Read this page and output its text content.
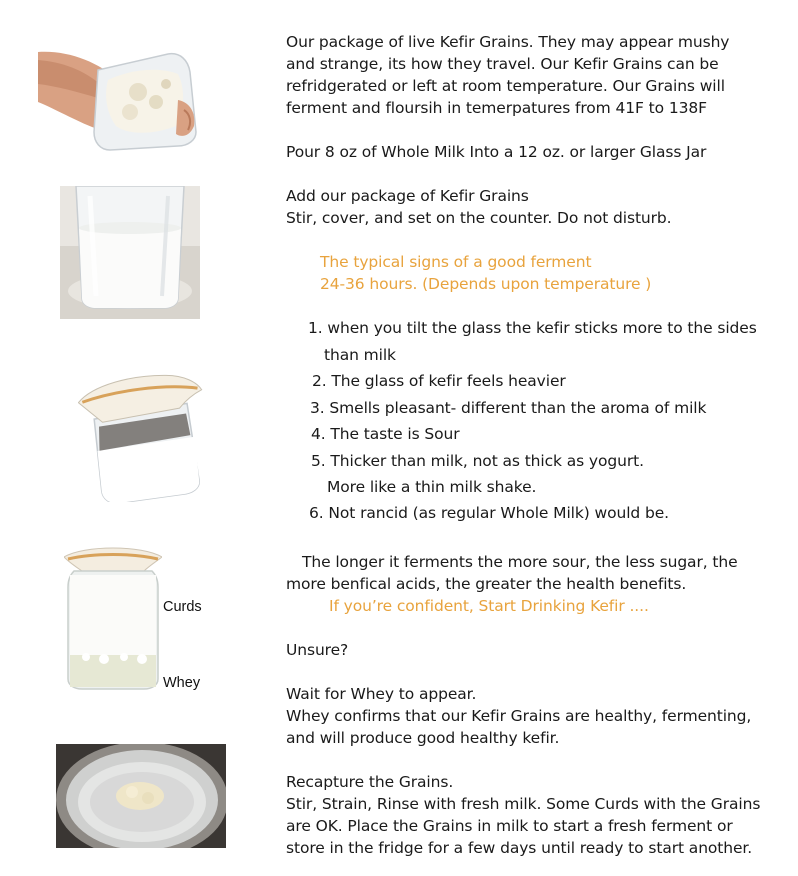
Curds
Whey
Our package of live Kefir Grains. They may appear mushy
and strange, its how they travel. Our Kefir Grains can be
refridgerated or left at room temperature. Our Grains will
ferment and floursih in temerpatures from 41F to 138F
Pour 8 oz of Whole Milk Into a 12 oz. or larger Glass Jar
Add our package of Kefir Grains
Stir, cover, and set on the counter. Do not disturb.
The typical signs of a good ferment
24-36 hours. (Depends upon temperature )
1. when you tilt the glass the kefir sticks more to the sides
than milk
2. The glass of kefir feels heavier
3. Smells pleasant- different than the aroma of milk
4. The taste is Sour
5. Thicker than milk, not as thick as yogurt.
More like a thin milk shake.
6. Not rancid (as regular Whole Milk) would be.
The longer it ferments the more sour, the less sugar, the
more benfical acids, the greater the health benefits.
If you’re confident, Start Drinking Kefir ....
Unsure?
Wait for Whey to appear.
Whey confirms that our Kefir Grains are healthy, fermenting,
and will produce good healthy kefir.
Recapture the Grains.
Stir, Strain, Rinse with fresh milk. Some Curds with the Grains
are OK. Place the Grains in milk to start a fresh ferment or
store in the fridge for a few days until ready to start another.
